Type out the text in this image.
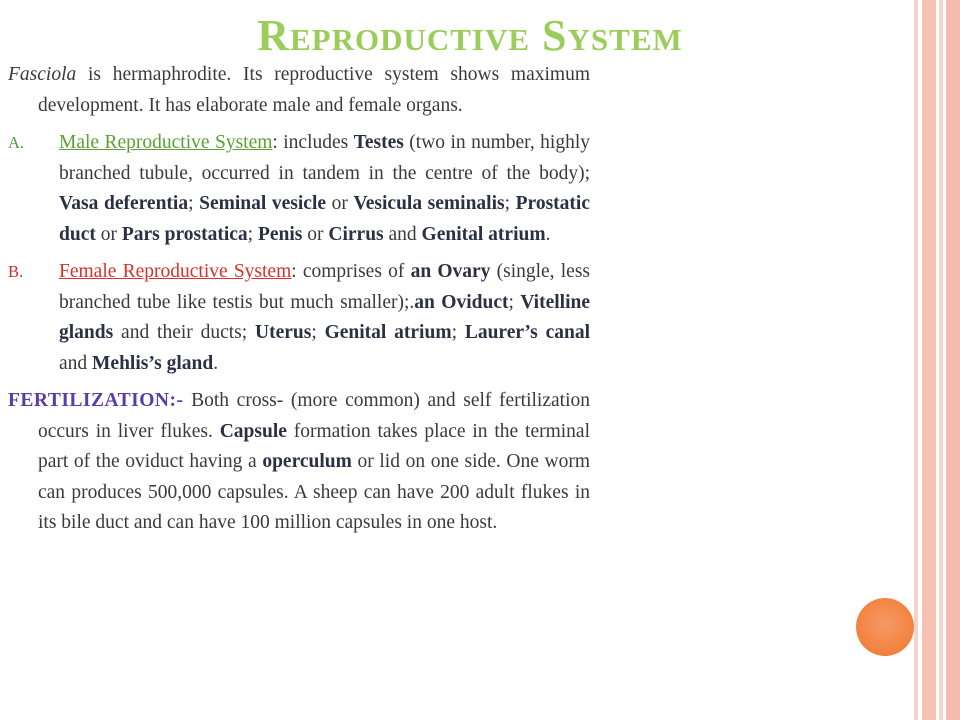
Reproductive System

Fasciola is hermaphrodite. Its reproductive system shows maximum development. It has elaborate male and female organs.

A. Male Reproductive System: includes Testes (two in number, highly branched tubule, occurred in tandem in the centre of the body); Vasa deferentia; Seminal vesicle or Vesicula seminalis; Prostatic duct or Pars prostatica; Penis or Cirrus and Genital atrium.
B. Female Reproductive System: comprises of an Ovary (single, less branched tube like testis but much smaller);.an Oviduct; Vitelline glands and their ducts; Uterus; Genital atrium; Laurer’s canal and Mehlis’s gland.

FERTILIZATION:- Both cross- (more common) and self fertilization occurs in liver flukes. Capsule formation takes place in the terminal part of the oviduct having a operculum or lid on one side. One worm can produces 500,000 capsules. A sheep can have 200 adult flukes in its bile duct and can have 100 million capsules in one host.
